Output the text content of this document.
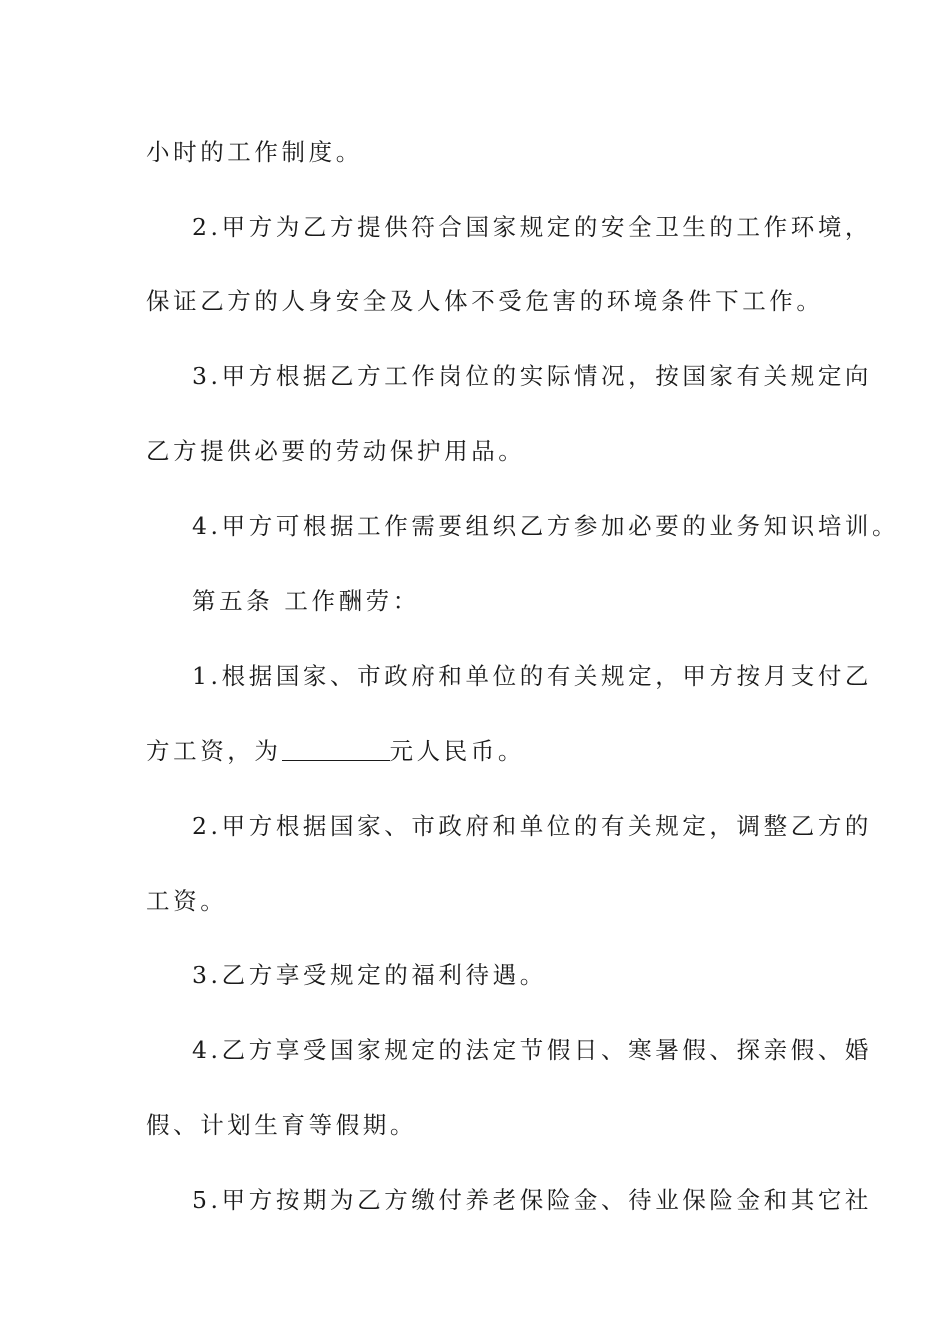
小时的工作制度。
2.甲方为乙方提供符合国家规定的安全卫生的工作环境，
保证乙方的人身安全及人体不受危害的环境条件下工作。
3.甲方根据乙方工作岗位的实际情况，按国家有关规定向
乙方提供必要的劳动保护用品。
4.甲方可根据工作需要组织乙方参加必要的业务知识培训。
第五条 工作酬劳：
1.根据国家、市政府和单位的有关规定，甲方按月支付乙
方工资，为	元人民币。
2.甲方根据国家、市政府和单位的有关规定，调整乙方的
工资。
3.乙方享受规定的福利待遇。
4.乙方享受国家规定的法定节假日、寒暑假、探亲假、婚
假、计划生育等假期。
5.甲方按期为乙方缴付养老保险金、待业保险金和其它社
